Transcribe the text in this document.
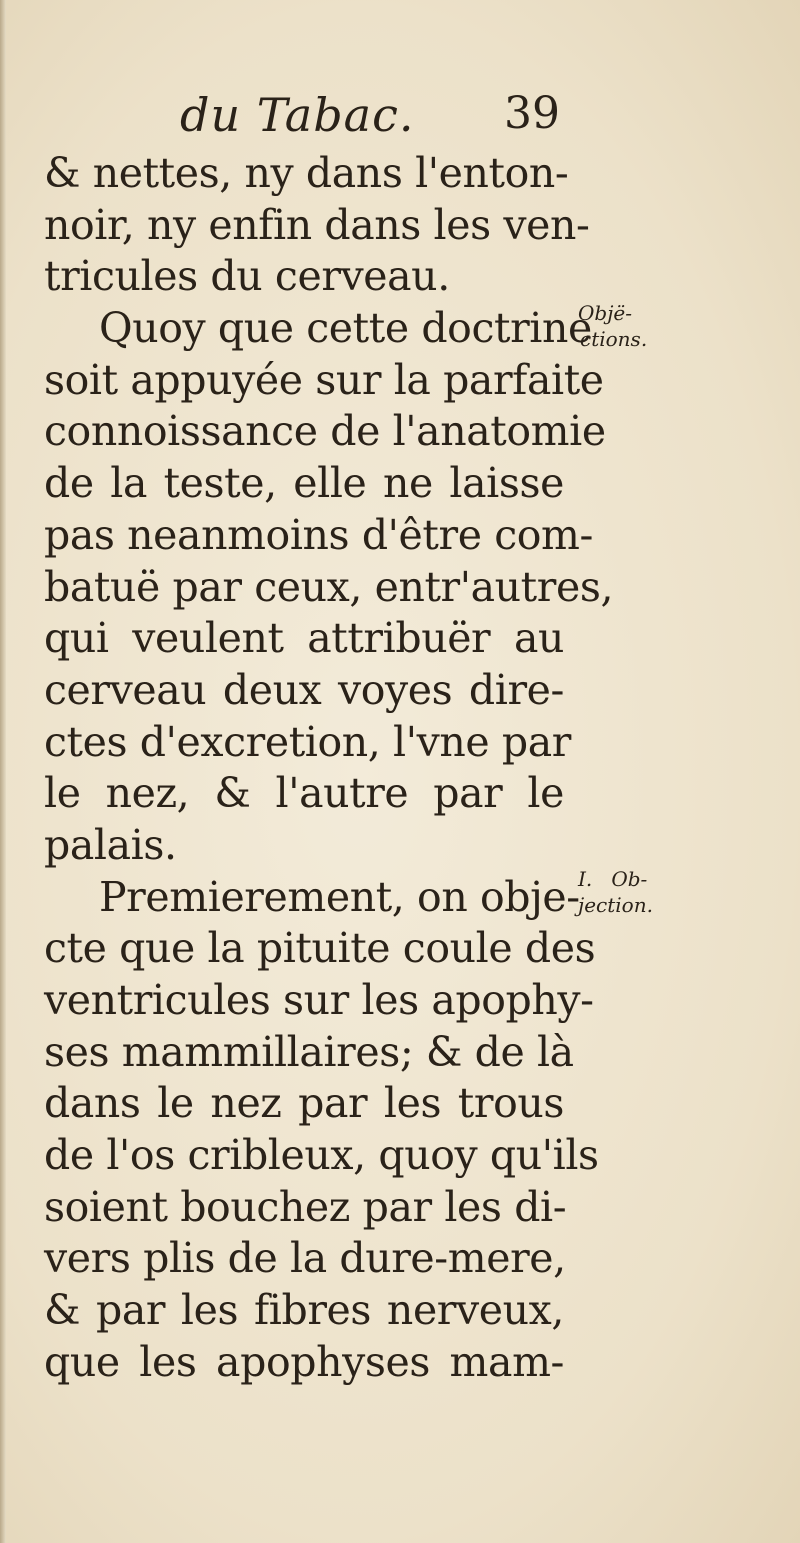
du Tabac. 39
& nettes, ny dans l'enton-
noir, ny enfin dans les ven-
tricules du cerveau.
Quoy que cette doctrine
soit appuyée sur la parfaite
connoissance de l'anatomie
de la teste, elle ne laisse
pas neanmoins d'être com-
batuë par ceux, entr'autres,
qui veulent attribuër au
cerveau deux voyes dire-
ctes d'excretion, l'vne par
le nez, & l'autre par le
palais.
Premierement, on obje-
cte que la pituite coule des
ventricules sur les apophy-
ses mammillaires; & de là
dans le nez par les trous
de l'os cribleux, quoy qu'ils
soient bouchez par les di-
vers plis de la dure-mere,
& par les fibres nerveux,
que les apophyses mam-
Objë-
ctions.
I.   Ob-
jection.
